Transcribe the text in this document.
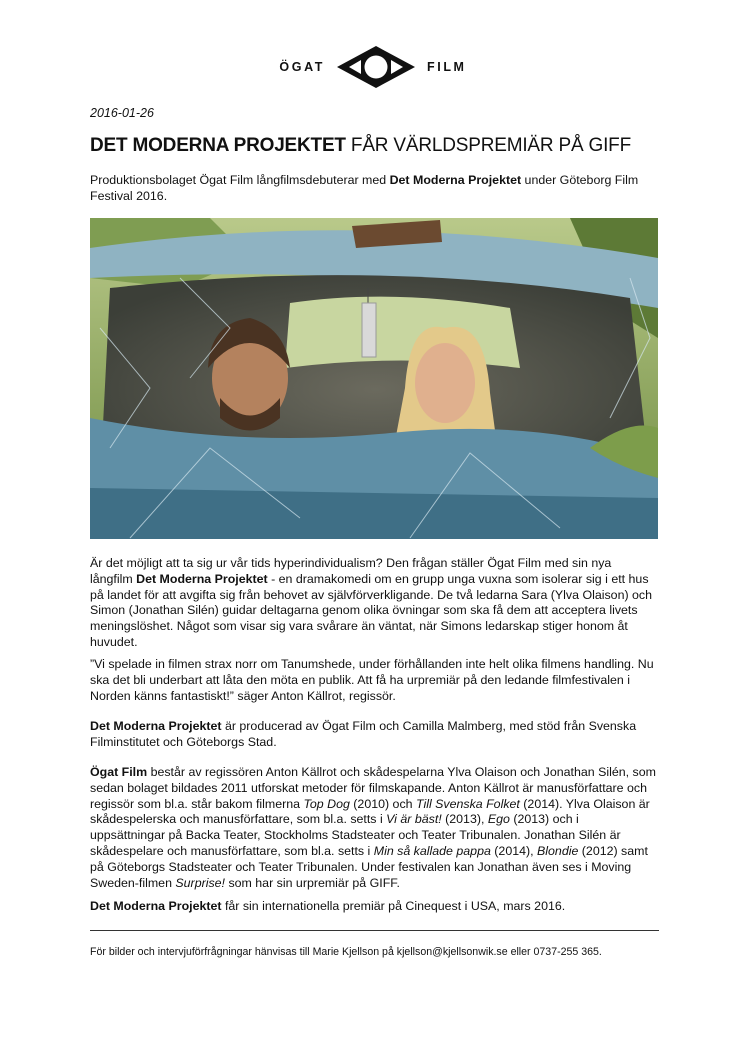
ÖGAT	FILM
2016-01-26
DET MODERNA PROJEKTET FÅR VÄRLDSPREMIÄR PÅ GIFF

Produktionsbolaget Ögat Film långfilmsdebuterar med Det Moderna Projektet under Göteborg Film Festival 2016.

Är det möjligt att ta sig ur vår tids hyperindividualism? Den frågan ställer Ögat Film med sin nya långfilm Det Moderna Projektet - en dramakomedi om en grupp unga vuxna som isolerar sig i ett hus på landet för att avgifta sig från behovet av självförverkligande. De två ledarna Sara (Ylva Olaison) och Simon (Jonathan Silén) guidar deltagarna genom olika övningar som ska få dem att acceptera livets meningslöshet. Något som visar sig vara svårare än väntat, när Simons ledarskap stiger honom åt huvudet.

”Vi spelade in filmen strax norr om Tanumshede, under förhållanden inte helt olika filmens handling. Nu ska det bli underbart att låta den möta en publik. Att få ha urpremiär på den ledande filmfestivalen i Norden känns fantastiskt!” säger Anton Källrot, regissör.

Det Moderna Projektet är producerad av Ögat Film och Camilla Malmberg, med stöd från Svenska Filminstitutet och Göteborgs Stad.

Ögat Film består av regissören Anton Källrot och skådespelarna Ylva Olaison och Jonathan Silén, som sedan bolaget bildades 2011 utforskat metoder för filmskapande. Anton Källrot är manusförfattare och regissör som bl.a. står bakom filmerna Top Dog (2010) och Till Svenska Folket (2014). Ylva Olaison är skådespelerska och manusförfattare, som bl.a. setts i Vi är bäst! (2013), Ego (2013) och i uppsättningar på Backa Teater, Stockholms Stadsteater och Teater Tribunalen. Jonathan Silén är skådespelare och manusförfattare, som bl.a. setts i Min så kallade pappa (2014), Blondie (2012) samt på Göteborgs Stadsteater och Teater Tribunalen. Under festivalen kan Jonathan även ses i Moving Sweden-filmen Surprise! som har sin urpremiär på GIFF.

Det Moderna Projektet får sin internationella premiär på Cinequest i USA, mars 2016.

För bilder och intervjuförfrågningar hänvisas till Marie Kjellson på kjellson@kjellsonwik.se eller 0737-255 365.
